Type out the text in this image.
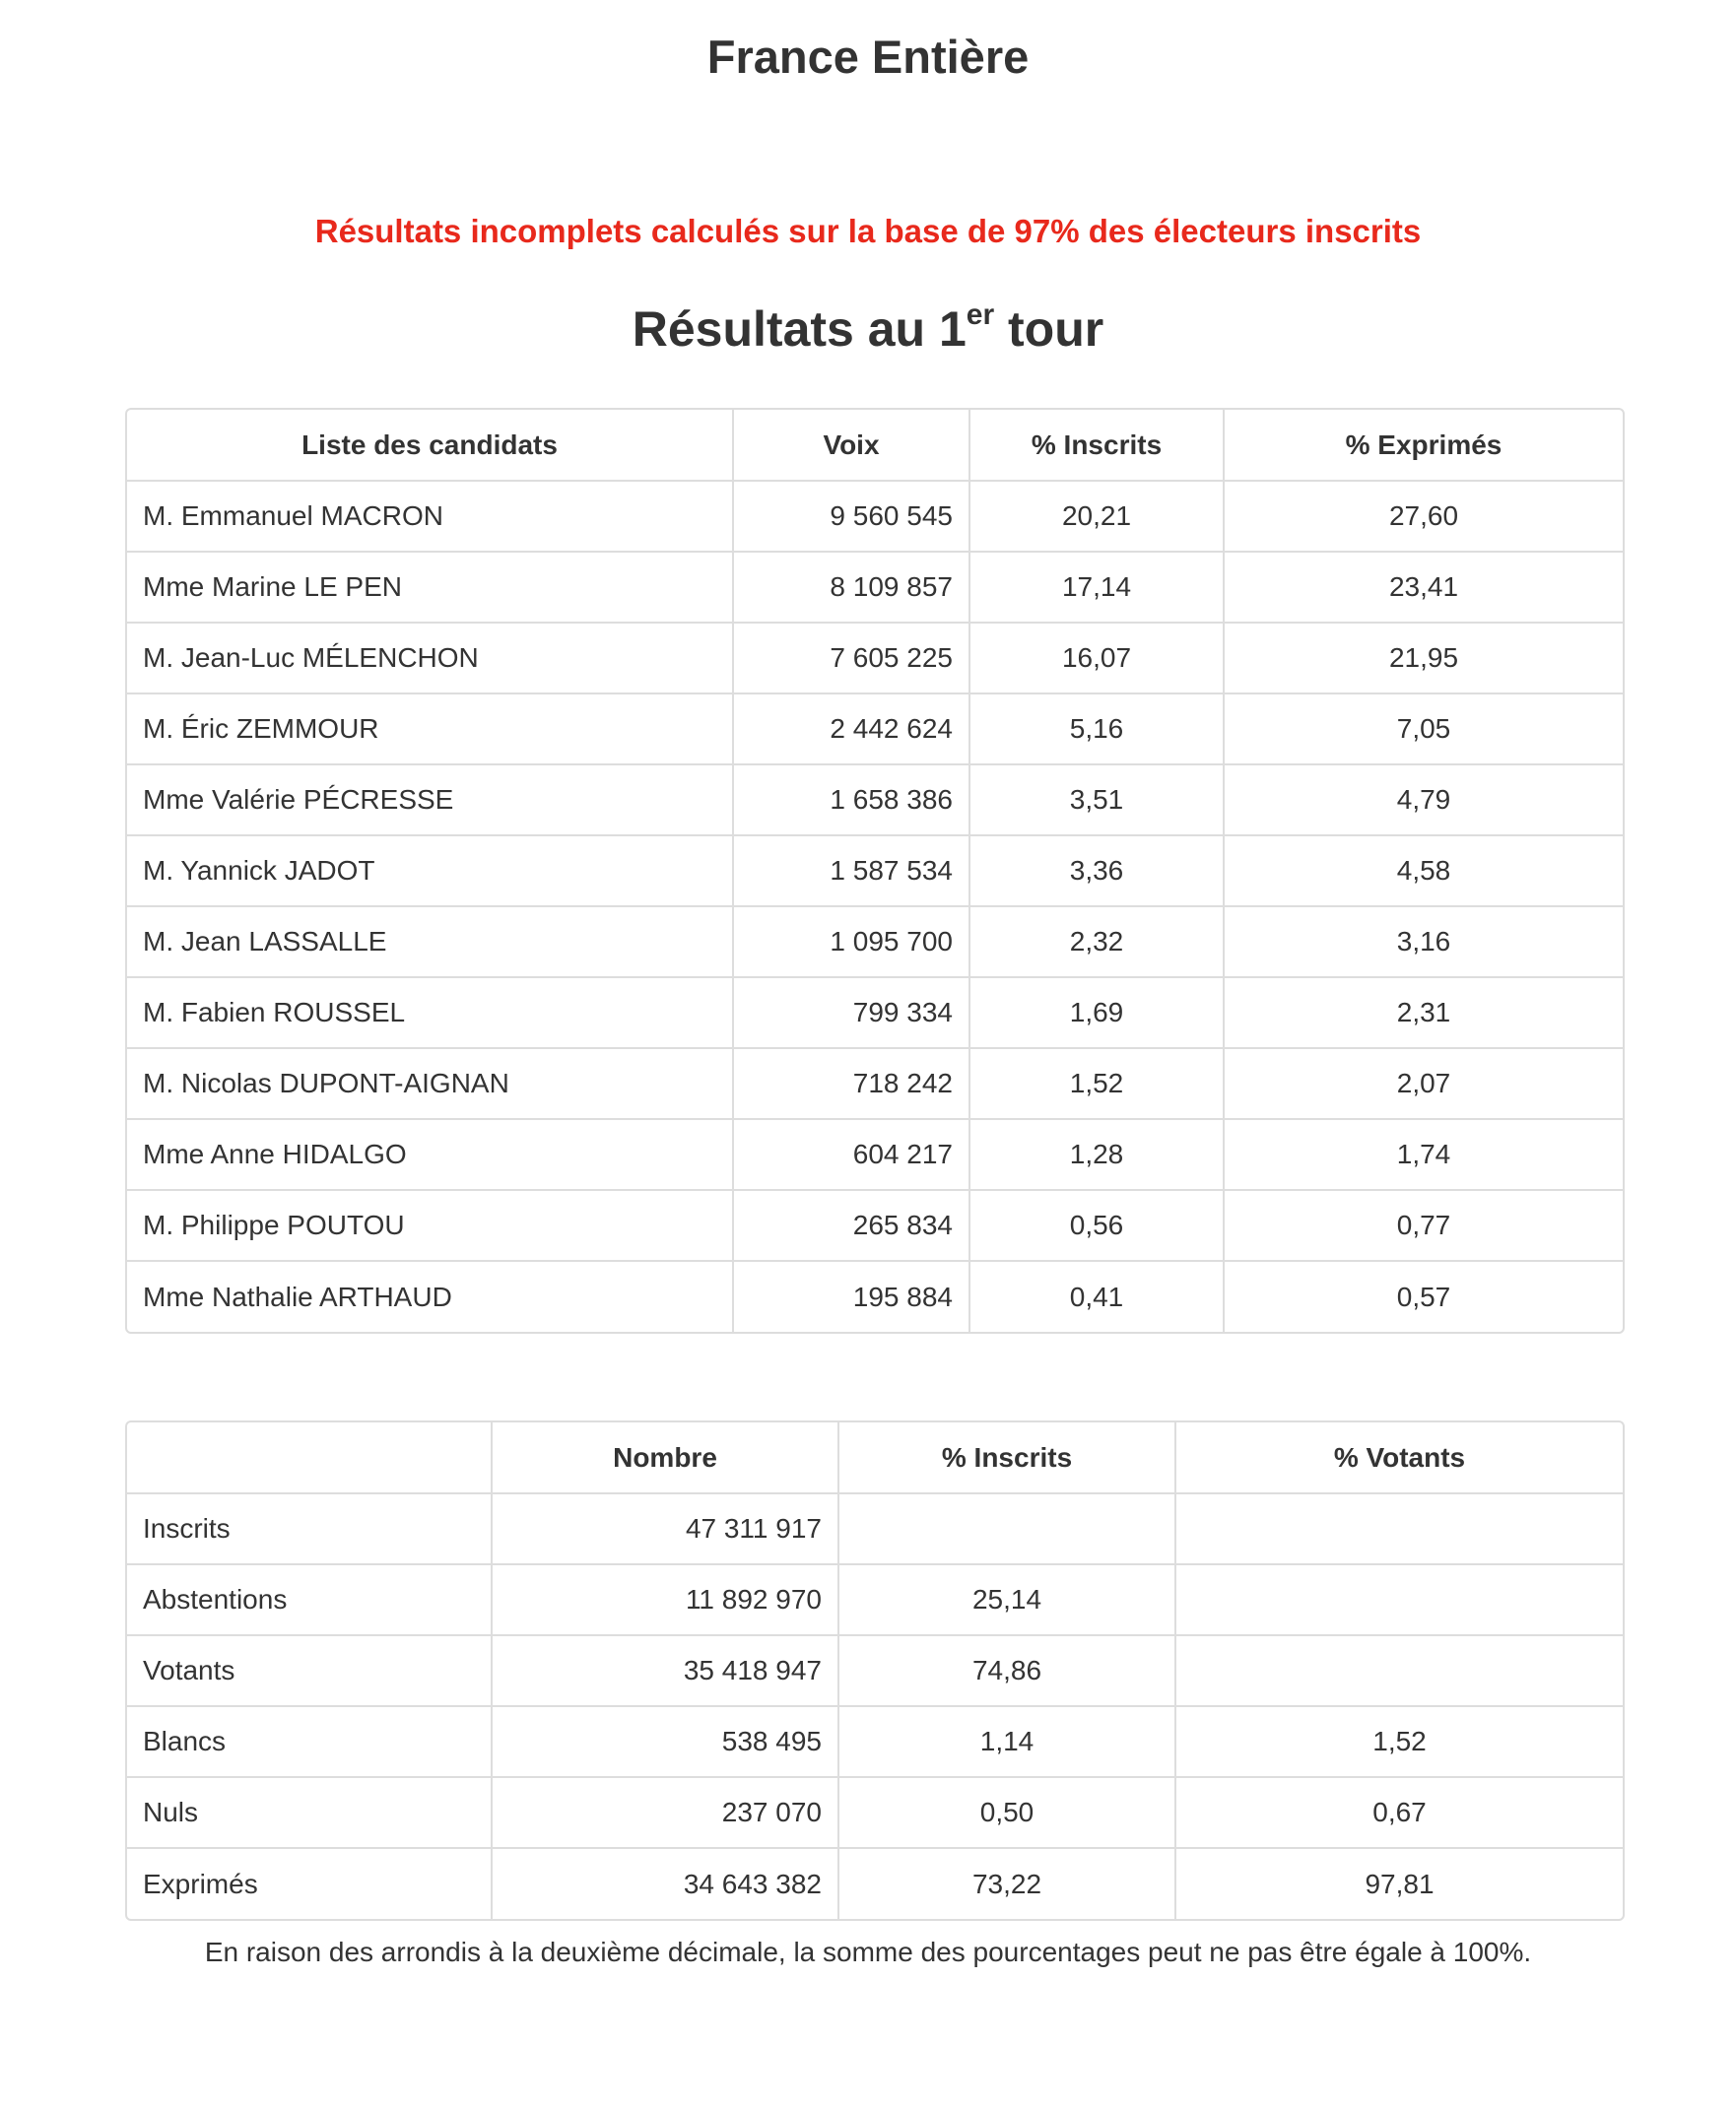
France Entière

Résultats incomplets calculés sur la base de 97% des électeurs inscrits

Résultats au 1er tour
Liste des candidats	Voix	% Inscrits	% Exprimés
M. Emmanuel MACRON	9 560 545	20,21	27,60
Mme Marine LE PEN	8 109 857	17,14	23,41
M. Jean-Luc MÉLENCHON	7 605 225	16,07	21,95
M. Éric ZEMMOUR	2 442 624	5,16	7,05
Mme Valérie PÉCRESSE	1 658 386	3,51	4,79
M. Yannick JADOT	1 587 534	3,36	4,58
M. Jean LASSALLE	1 095 700	2,32	3,16
M. Fabien ROUSSEL	799 334	1,69	2,31
M. Nicolas DUPONT-AIGNAN	718 242	1,52	2,07
Mme Anne HIDALGO	604 217	1,28	1,74
M. Philippe POUTOU	265 834	0,56	0,77
Mme Nathalie ARTHAUD	195 884	0,41	0,57
	Nombre	% Inscrits	% Votants
Inscrits	47 311 917		
Abstentions	11 892 970	25,14	
Votants	35 418 947	74,86	
Blancs	538 495	1,14	1,52
Nuls	237 070	0,50	0,67
Exprimés	34 643 382	73,22	97,81

En raison des arrondis à la deuxième décimale, la somme des pourcentages peut ne pas être égale à 100%.
